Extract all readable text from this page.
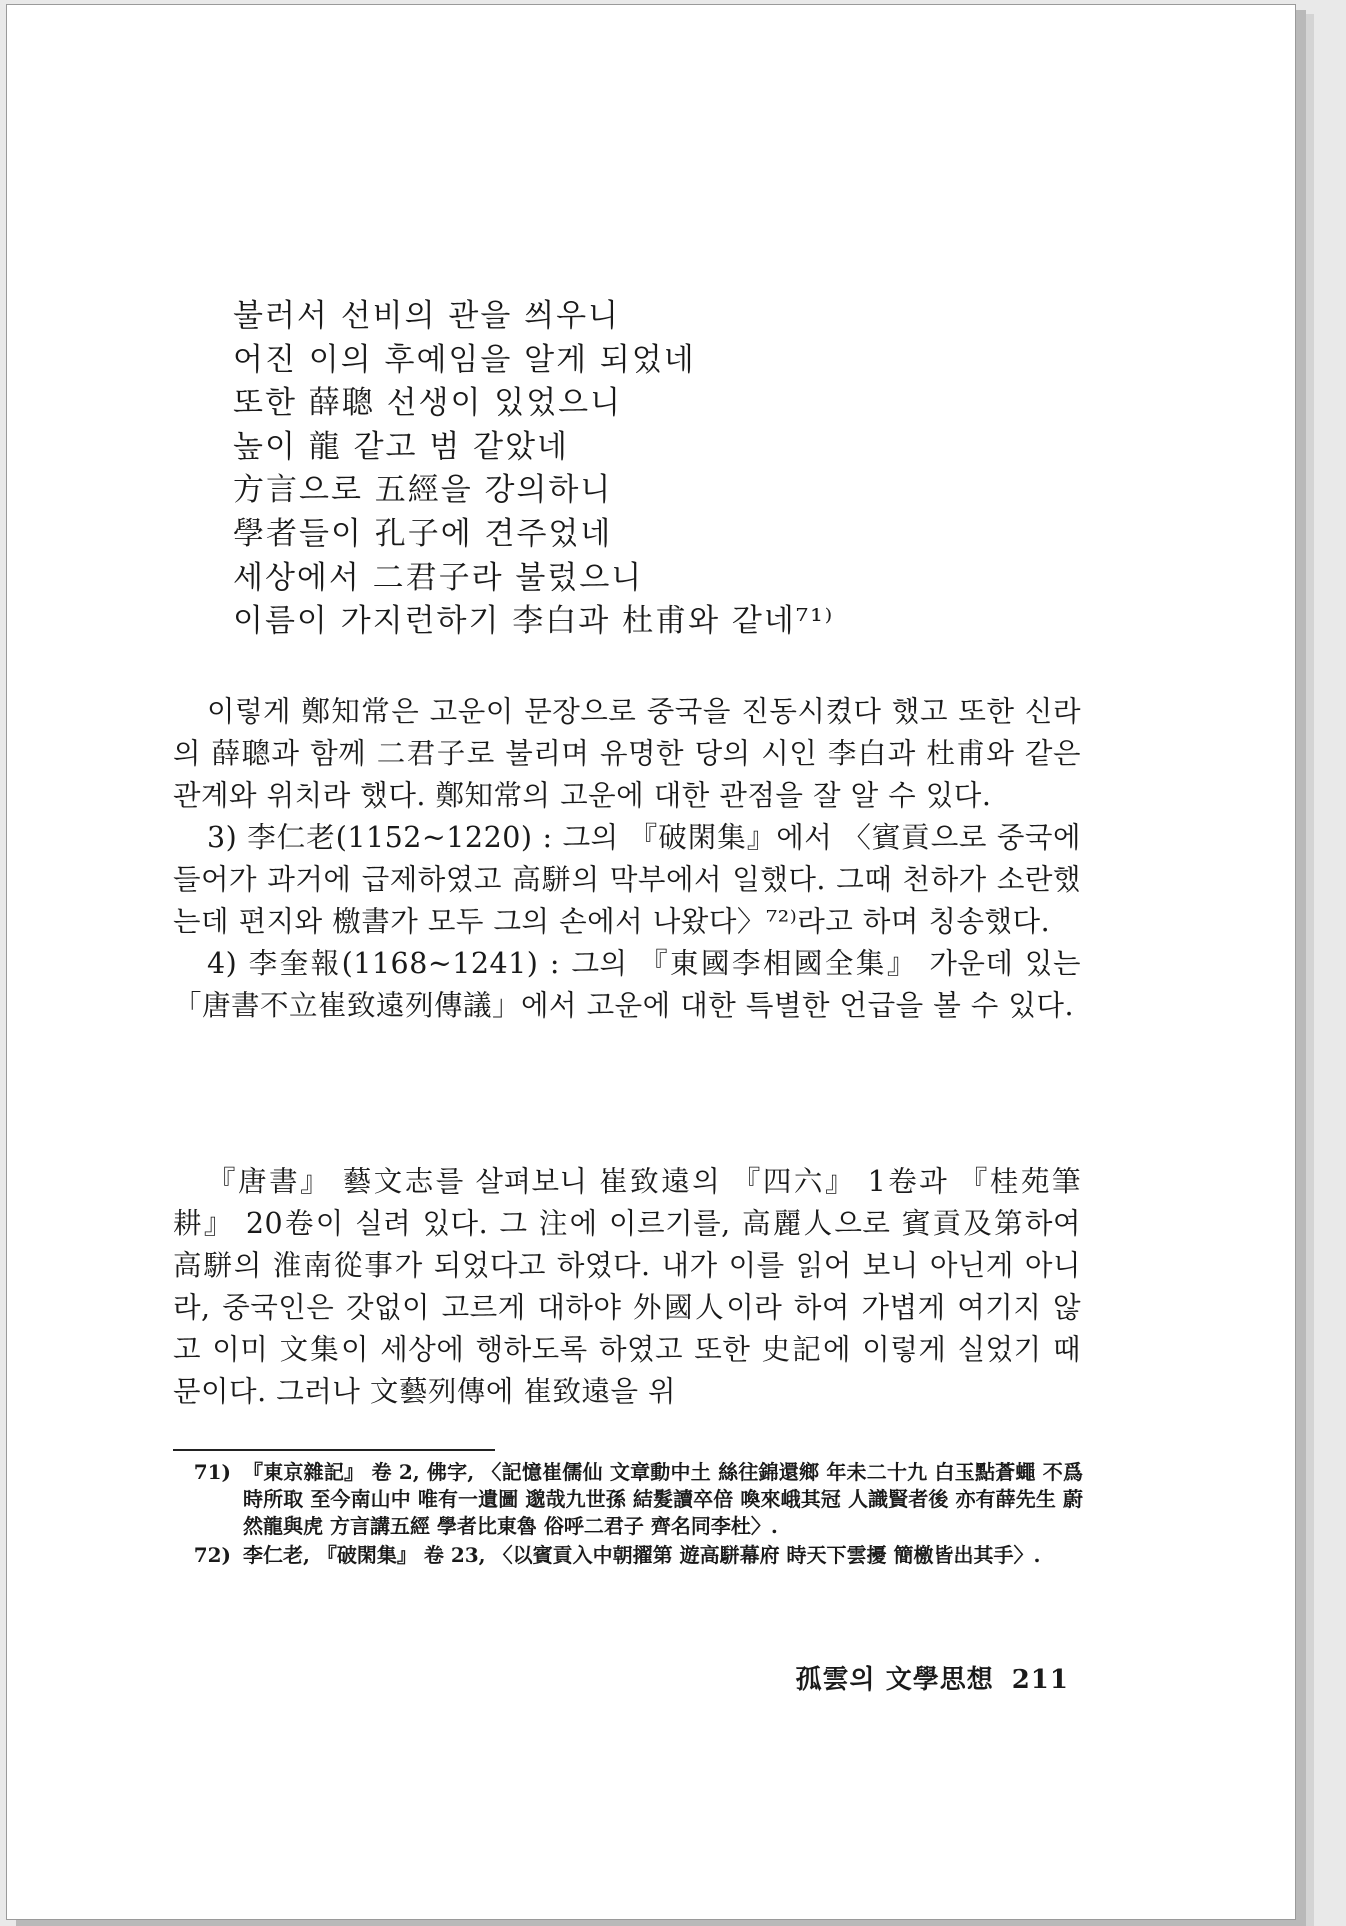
불러서 선비의 관을 씌우니
어진 이의 후예임을 알게 되었네
또한 薛聰 선생이 있었으니
높이 龍 같고 범 같았네
方言으로 五經을 강의하니
學者들이 孔子에 견주었네
세상에서 二君子라 불렀으니
이름이 가지런하기 李白과 杜甫와 같네⁷¹⁾

이렇게 鄭知常은 고운이 문장으로 중국을 진동시켰다 했고 또한 신라의 薛聰과 함께 二君子로 불리며 유명한 당의 시인 李白과 杜甫와 같은 관계와 위치라 했다. 鄭知常의 고운에 대한 관점을 잘 알 수 있다.

3) 李仁老(1152~1220) : 그의 『破閑集』에서 〈賓貢으로 중국에 들어가 과거에 급제하였고 高駢의 막부에서 일했다. 그때 천하가 소란했는데 편지와 檄書가 모두 그의 손에서 나왔다〉⁷²⁾라고 하며 칭송했다.

4) 李奎報(1168~1241) : 그의 『東國李相國全集』 가운데 있는 「唐書不立崔致遠列傳議」에서 고운에 대한 특별한 언급을 볼 수 있다.

『唐書』 藝文志를 살펴보니 崔致遠의 『四六』 1卷과 『桂苑筆耕』 20卷이 실려 있다. 그 注에 이르기를, 高麗人으로 賓貢及第하여 高駢의 淮南從事가 되었다고 하였다. 내가 이를 읽어 보니 아닌게 아니라, 중국인은 갓없이 고르게 대하야 外國人이라 하여 가볍게 여기지 않고 이미 文集이 세상에 행하도록 하였고 또한 史記에 이렇게 실었기 때문이다. 그러나 文藝列傳에 崔致遠을 위

71) 『東京雜記』 卷 2, 佛字, 〈記憶崔儒仙 文章動中土 絲往錦還鄉 年未二十九 白玉點蒼蠅 不爲時所取 至今南山中 唯有一遺圖 邈哉九世孫 結髮讀卒倍 喚來峨其冠 人識賢者後 亦有薛先生 蔚然龍與虎 方言講五經 學者比東魯 俗呼二君子 齊名同李杜〉.
72) 李仁老, 『破閑集』 卷 23, 〈以賓貢入中朝擢第 遊高駢幕府 時天下雲擾 簡檄皆出其手〉.
孤雲의 文學思想 211
